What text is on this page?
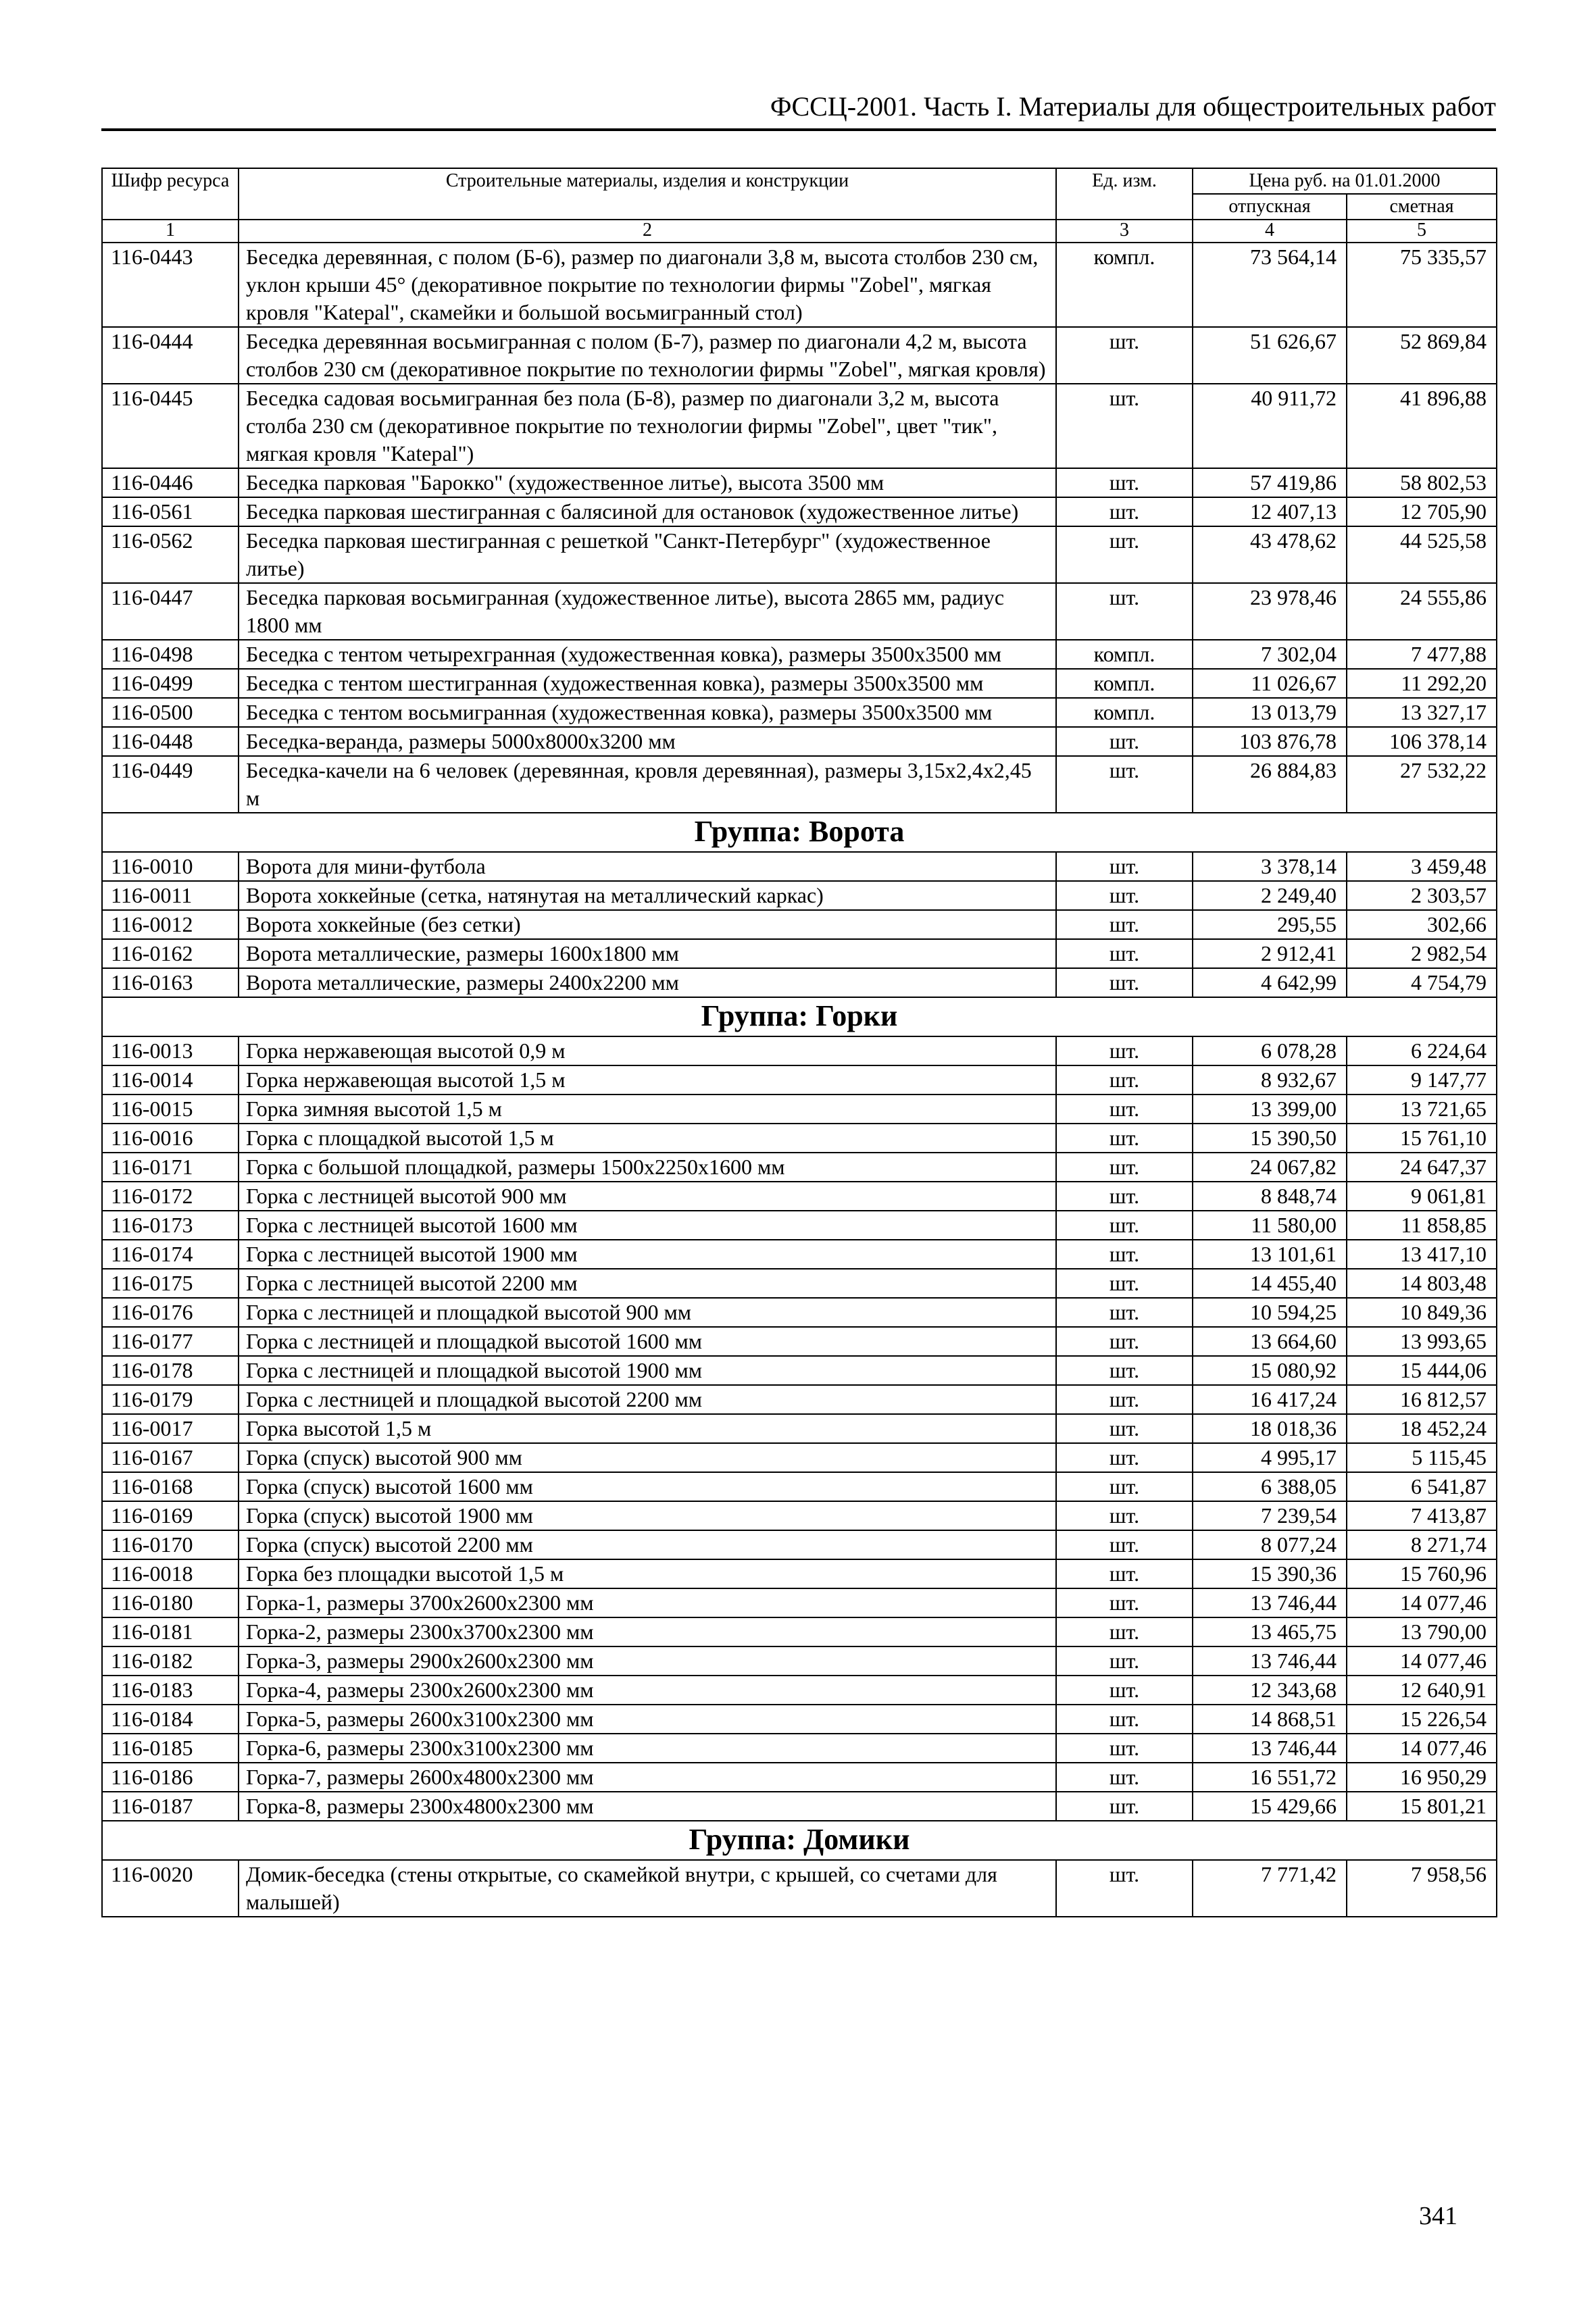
ФССЦ-2001. Часть I. Материалы для общестроительных работ
Шифр ресурса	Строительные материалы, изделия и конструкции	Ед. изм.	Цена руб. на 01.01.2000	
			отпускная	сметная
1	2	3	4	5
116-0443	Беседка деревянная, с полом (Б-6), размер по диагонали 3,8 м, высота столбов 230 см, уклон крыши 45° (декоративное покрытие по технологии фирмы "Zobel", мягкая кровля "Katepal", скамейки и большой восьмигранный стол)	компл.	73 564,14	75 335,57
116-0444	Беседка деревянная восьмигранная с полом (Б-7), размер по диагонали 4,2 м, высота столбов 230 см (декоративное покрытие по технологии фирмы "Zobel", мягкая кровля)	шт.	51 626,67	52 869,84
116-0445	Беседка садовая восьмигранная без пола (Б-8), размер по диагонали 3,2 м, высота столба 230 см (декоративное покрытие по технологии фирмы "Zobel", цвет "тик", мягкая кровля "Katepal")	шт.	40 911,72	41 896,88
116-0446	Беседка парковая "Барокко" (художественное литье), высота 3500 мм	шт.	57 419,86	58 802,53
116-0561	Беседка парковая шестигранная с балясиной для остановок (художественное литье)	шт.	12 407,13	12 705,90
116-0562	Беседка парковая шестигранная с решеткой "Санкт-Петербург" (художественное литье)	шт.	43 478,62	44 525,58
116-0447	Беседка парковая восьмигранная (художественное литье), высота 2865 мм, радиус 1800 мм	шт.	23 978,46	24 555,86
116-0498	Беседка с тентом четырехгранная (художественная ковка), размеры 3500х3500 мм	компл.	7 302,04	7 477,88
116-0499	Беседка с тентом шестигранная (художественная ковка), размеры 3500х3500 мм	компл.	11 026,67	11 292,20
116-0500	Беседка с тентом восьмигранная (художественная ковка), размеры 3500х3500 мм	компл.	13 013,79	13 327,17
116-0448	Беседка-веранда, размеры 5000х8000х3200 мм	шт.	103 876,78	106 378,14
116-0449	Беседка-качели на 6 человек (деревянная, кровля деревянная), размеры 3,15х2,4х2,45 м	шт.	26 884,83	27 532,22
Группа: Ворота				
116-0010	Ворота для мини-футбола	шт.	3 378,14	3 459,48
116-0011	Ворота хоккейные (сетка, натянутая на металлический каркас)	шт.	2 249,40	2 303,57
116-0012	Ворота хоккейные (без сетки)	шт.	295,55	302,66
116-0162	Ворота металлические, размеры 1600х1800 мм	шт.	2 912,41	2 982,54
116-0163	Ворота металлические, размеры 2400х2200 мм	шт.	4 642,99	4 754,79
Группа: Горки				
116-0013	Горка нержавеющая высотой 0,9 м	шт.	6 078,28	6 224,64
116-0014	Горка нержавеющая высотой 1,5 м	шт.	8 932,67	9 147,77
116-0015	Горка зимняя высотой 1,5 м	шт.	13 399,00	13 721,65
116-0016	Горка с площадкой высотой 1,5 м	шт.	15 390,50	15 761,10
116-0171	Горка с большой площадкой, размеры 1500х2250х1600 мм	шт.	24 067,82	24 647,37
116-0172	Горка с лестницей высотой 900 мм	шт.	8 848,74	9 061,81
116-0173	Горка с лестницей высотой 1600 мм	шт.	11 580,00	11 858,85
116-0174	Горка с лестницей высотой 1900 мм	шт.	13 101,61	13 417,10
116-0175	Горка с лестницей высотой 2200 мм	шт.	14 455,40	14 803,48
116-0176	Горка с лестницей и площадкой высотой 900 мм	шт.	10 594,25	10 849,36
116-0177	Горка с лестницей и площадкой высотой 1600 мм	шт.	13 664,60	13 993,65
116-0178	Горка с лестницей и площадкой высотой 1900 мм	шт.	15 080,92	15 444,06
116-0179	Горка с лестницей и площадкой высотой 2200 мм	шт.	16 417,24	16 812,57
116-0017	Горка высотой 1,5 м	шт.	18 018,36	18 452,24
116-0167	Горка (спуск) высотой 900 мм	шт.	4 995,17	5 115,45
116-0168	Горка (спуск) высотой 1600 мм	шт.	6 388,05	6 541,87
116-0169	Горка (спуск) высотой 1900 мм	шт.	7 239,54	7 413,87
116-0170	Горка (спуск) высотой 2200 мм	шт.	8 077,24	8 271,74
116-0018	Горка без площадки высотой 1,5 м	шт.	15 390,36	15 760,96
116-0180	Горка-1, размеры 3700х2600х2300 мм	шт.	13 746,44	14 077,46
116-0181	Горка-2, размеры 2300х3700х2300 мм	шт.	13 465,75	13 790,00
116-0182	Горка-3, размеры 2900х2600х2300 мм	шт.	13 746,44	14 077,46
116-0183	Горка-4, размеры 2300х2600х2300 мм	шт.	12 343,68	12 640,91
116-0184	Горка-5, размеры 2600х3100х2300 мм	шт.	14 868,51	15 226,54
116-0185	Горка-6, размеры 2300х3100х2300 мм	шт.	13 746,44	14 077,46
116-0186	Горка-7, размеры 2600х4800х2300 мм	шт.	16 551,72	16 950,29
116-0187	Горка-8, размеры 2300х4800х2300 мм	шт.	15 429,66	15 801,21
Группа: Домики				
116-0020	Домик-беседка (стены открытые, со скамейкой внутри, с крышей, со счетами для малышей)	шт.	7 771,42	7 958,56
341
